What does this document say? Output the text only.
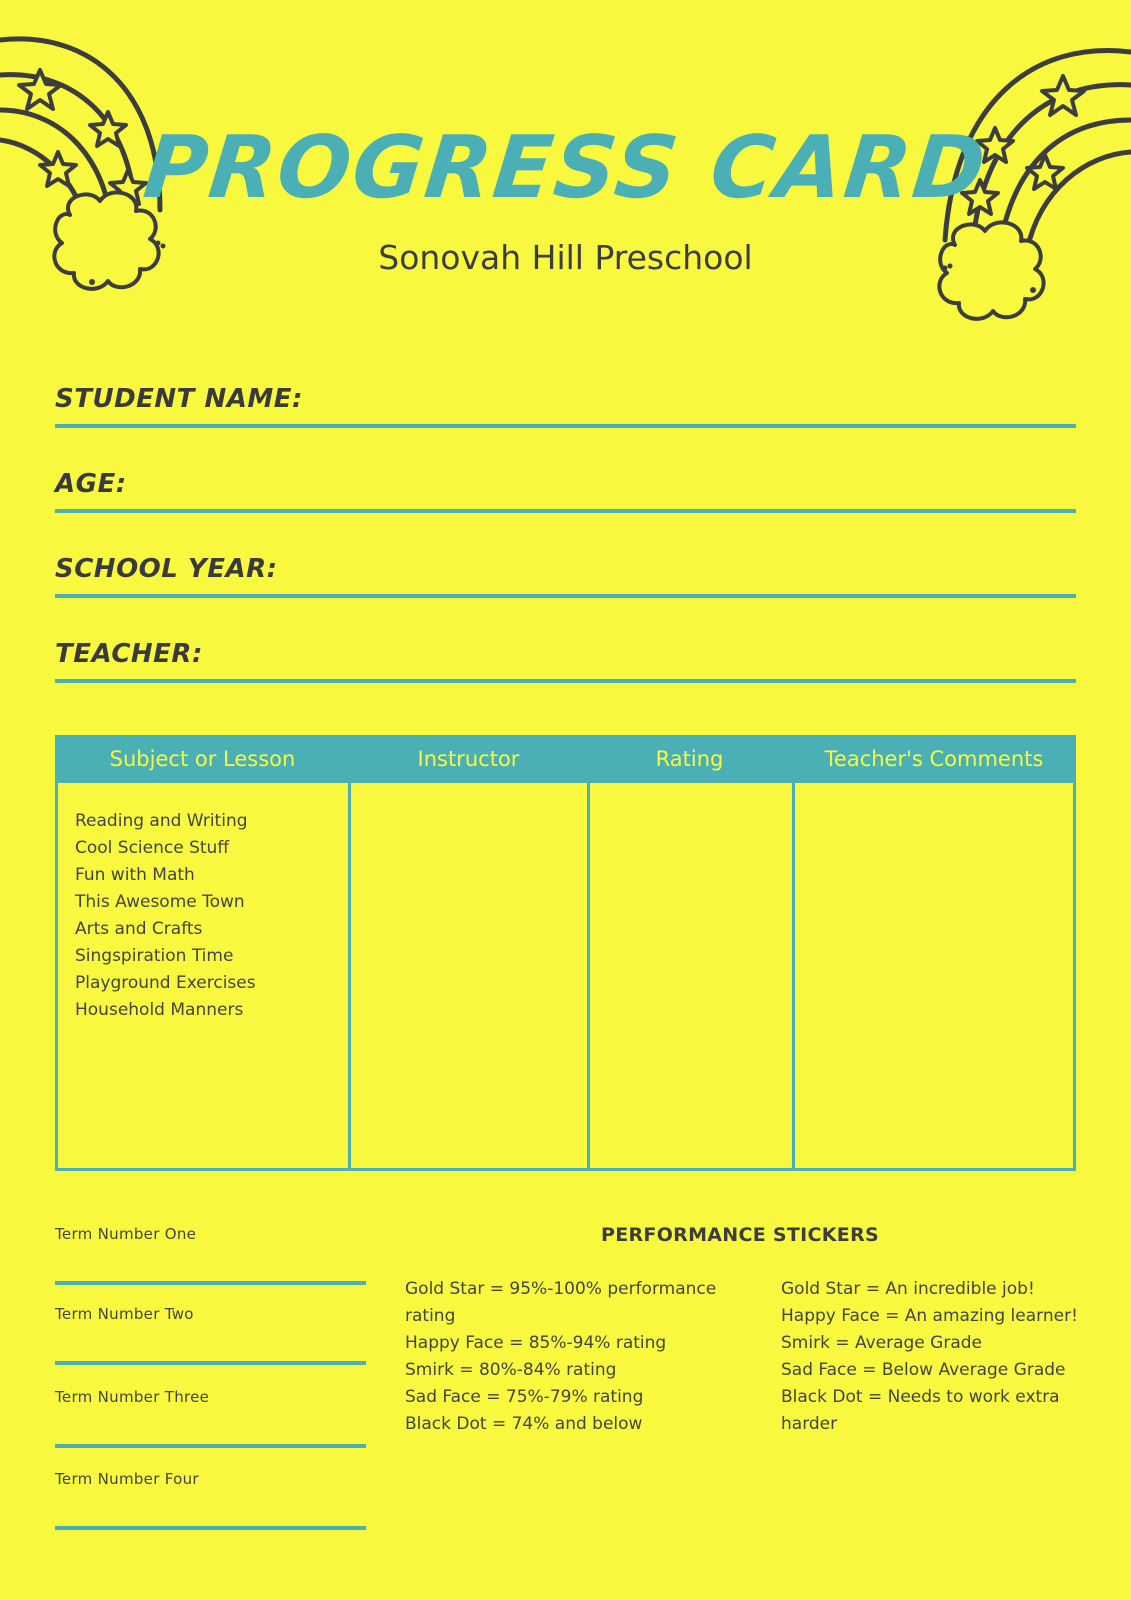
PROGRESS CARD
Sonovah Hill Preschool
STUDENT NAME:
AGE:
SCHOOL YEAR:
TEACHER:
Subject or Lesson	Instructor	Rating	Teacher's Comments
Reading and Writing
Cool Science Stuff
Fun with Math
This Awesome Town
Arts and Crafts
Singspiration Time
Playground Exercises
Household Manners
Term Number One
Term Number Two
Term Number Three
Term Number Four
PERFORMANCE STICKERS
Gold Star = 95%-100% performance rating
Happy Face = 85%-94% rating
Smirk = 80%-84% rating
Sad Face = 75%-79% rating
Black Dot = 74% and below
Gold Star = An incredible job!
Happy Face = An amazing learner!
Smirk = Average Grade
Sad Face = Below Average Grade
Black Dot = Needs to work extra harder
